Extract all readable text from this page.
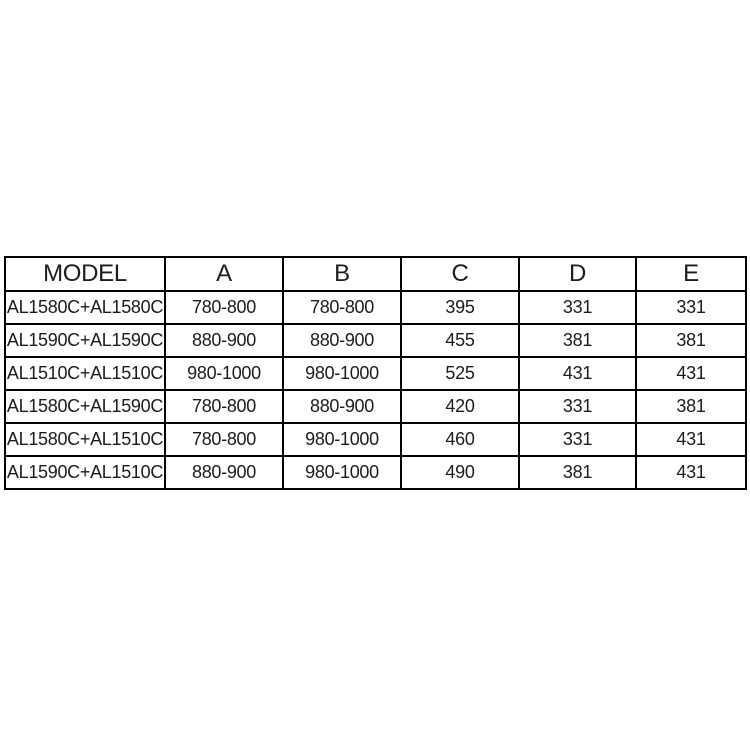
MODEL	A	B	C	D	E
AL1580C+AL1580C	780-800	780-800	395	331	331
AL1590C+AL1590C	880-900	880-900	455	381	381
AL1510C+AL1510C	980-1000	980-1000	525	431	431
AL1580C+AL1590C	780-800	880-900	420	331	381
AL1580C+AL1510C	780-800	980-1000	460	331	431
AL1590C+AL1510C	880-900	980-1000	490	381	431
